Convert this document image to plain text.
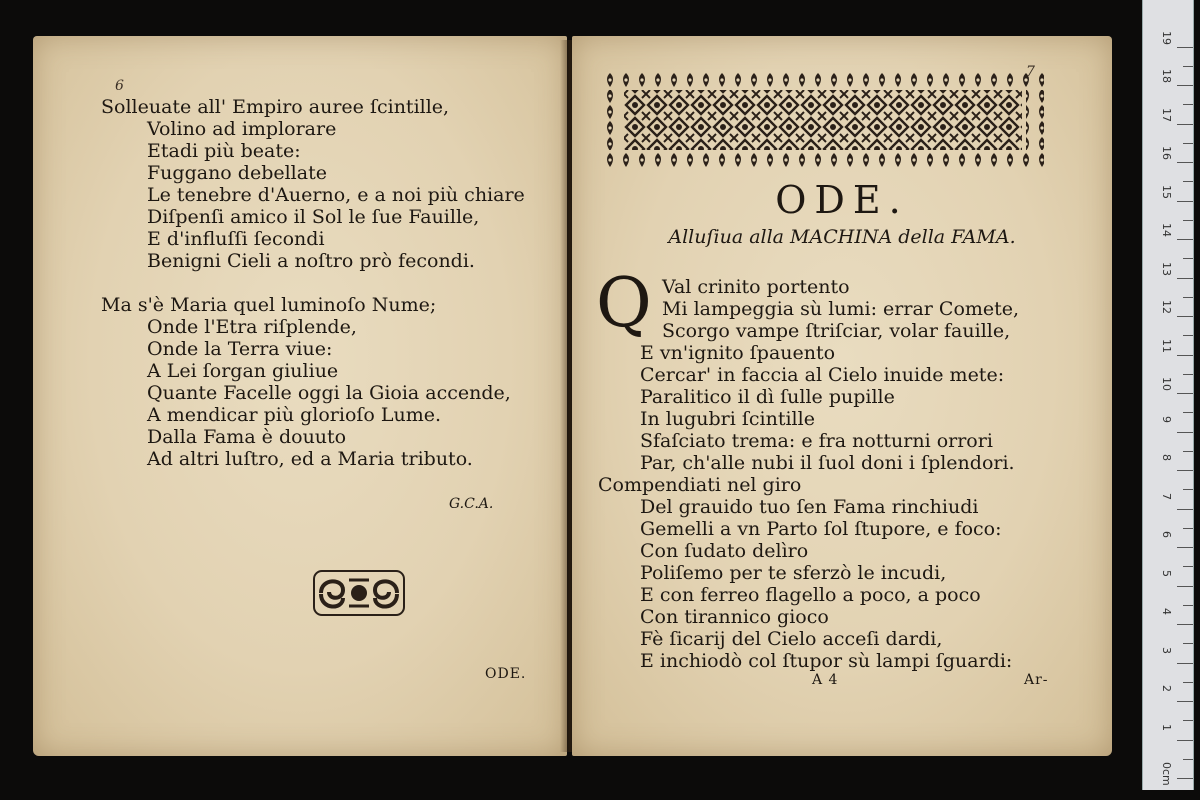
6
Solleuate all' Empiro auree ſcintille,
Volino ad implorare
Etadi più beate:
Fuggano debellate
Le tenebre d'Auerno, e a noi più chiare
Diſpenſi amico il Sol le ſue Fauille,
E d'influſſi ſecondi
Benigni Cieli a noſtro prò fecondi.
Ma s'è Maria quel luminoſo Nume;
Onde l'Etra riſplende,
Onde la Terra viue:
A Lei ſorgan giuliue
Quante Facelle oggi la Gioia accende,
A mendicar più glorioſo Lume.
Dalla Fama è douuto
Ad altri luſtro, ed a Maria tributo.
G.C.A.
ODE.
ODE.
Alluſiua alla MACHINA della FAMA.
Q Val crinito portento
Mi lampeggia sù lumi: errar Comete,
Scorgo vampe ſtriſciar, volar fauille,
E vn'ignito ſpauento
Cercar' in faccia al Cielo inuide mete:
Paralitico il dì ſulle pupille
In lugubri ſcintille
Sfaſciato trema: e fra notturni orrori
Par, ch'alle nubi il ſuol doni i ſplendori.
Compendiati nel giro
Del grauido tuo ſen Fama rinchiudi
Gemelli a vn Parto ſol ſtupore, e foco:
Con ſudato delìro
Poliſemo per te sferzò le incudi,
E con ferreo flagello a poco, a poco
Con tirannico gioco
Fè ſicarij del Cielo acceſi dardi,
E inchiodò col ſtupor sù lampi ſguardi:
A 4	Ar-
0cm
1
2
3
4
5
6
7
8
9
10
11
12
13
14
15
16
17
18
19
